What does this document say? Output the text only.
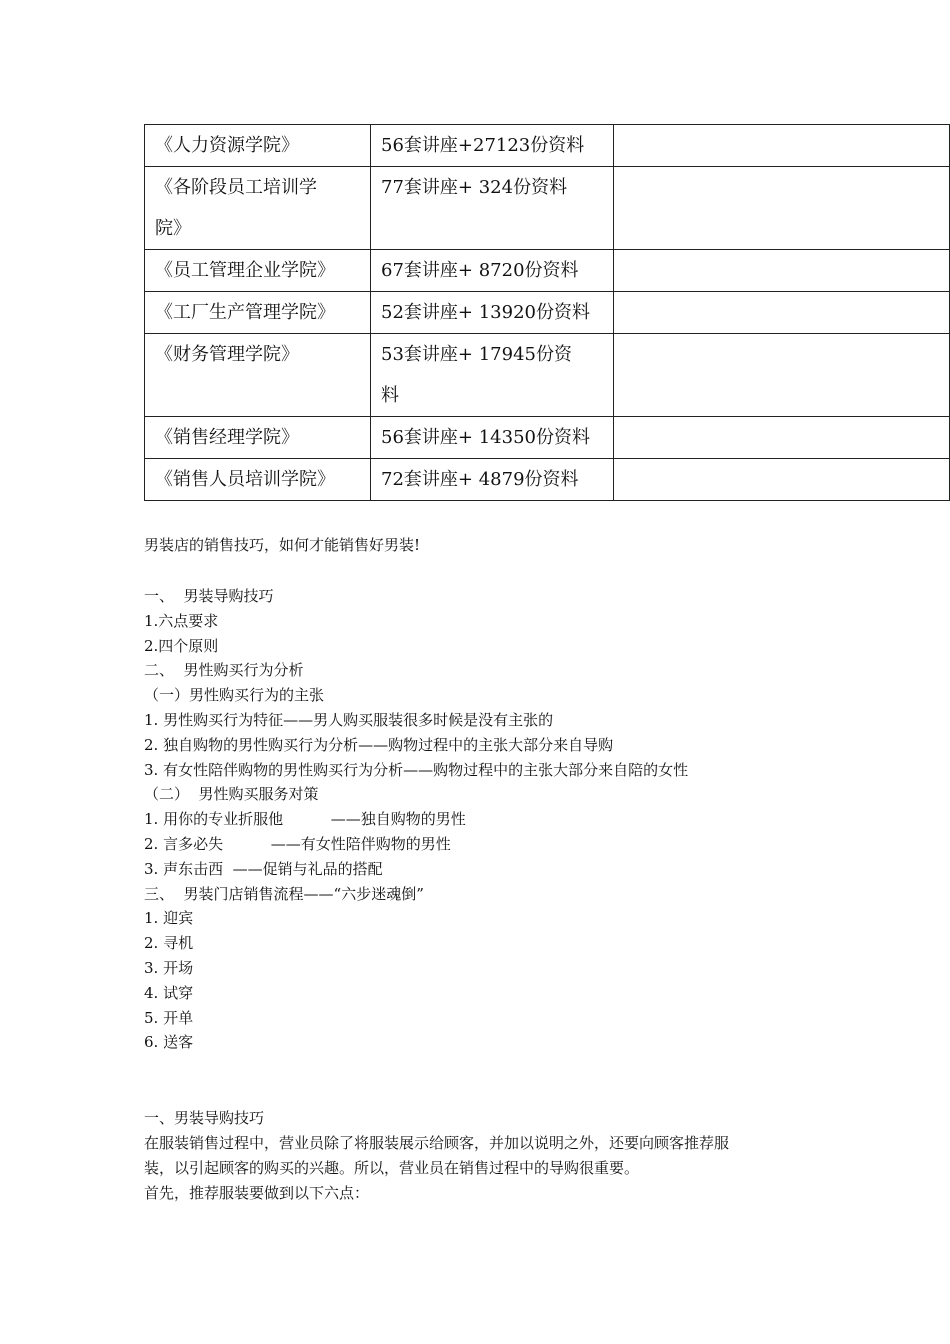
《人力资源学院》	56套讲座+27123份资料	

《各阶段员工培训学
院》	77套讲座+ 324份资料	
《员工管理企业学院》	67套讲座+ 8720份资料	
《工厂生产管理学院》	52套讲座+ 13920份资料	
《财务管理学院》	53套讲座+ 17945份资
料	

《销售经理学院》	56套讲座+ 14350份资料	
《销售人员培训学院》	72套讲座+ 4879份资料	
男装店的销售技巧，如何才能销售好男装!
一、  男装导购技巧
1.六点要求
2.四个原则
二、  男性购买行为分析
（一）男性购买行为的主张
1. 男性购买行为特征——男人购买服装很多时候是没有主张的
2. 独自购物的男性购买行为分析——购物过程中的主张大部分来自导购
3. 有女性陪伴购物的男性购买行为分析——购物过程中的主张大部分来自陪的女性
（二）  男性购买服务对策
1. 用你的专业折服他          ——独自购物的男性
2. 言多必失          ——有女性陪伴购物的男性
3. 声东击西  ——促销与礼品的搭配
三、  男装门店销售流程——“六步迷魂倒”
1. 迎宾
2. 寻机
3. 开场
4. 试穿
5. 开单
6. 送客
一、男装导购技巧
在服装销售过程中，营业员除了将服装展示给顾客，并加以说明之外，还要向顾客推荐服
装，以引起顾客的购买的兴趣。所以，营业员在销售过程中的导购很重要。
首先，推荐服装要做到以下六点：
